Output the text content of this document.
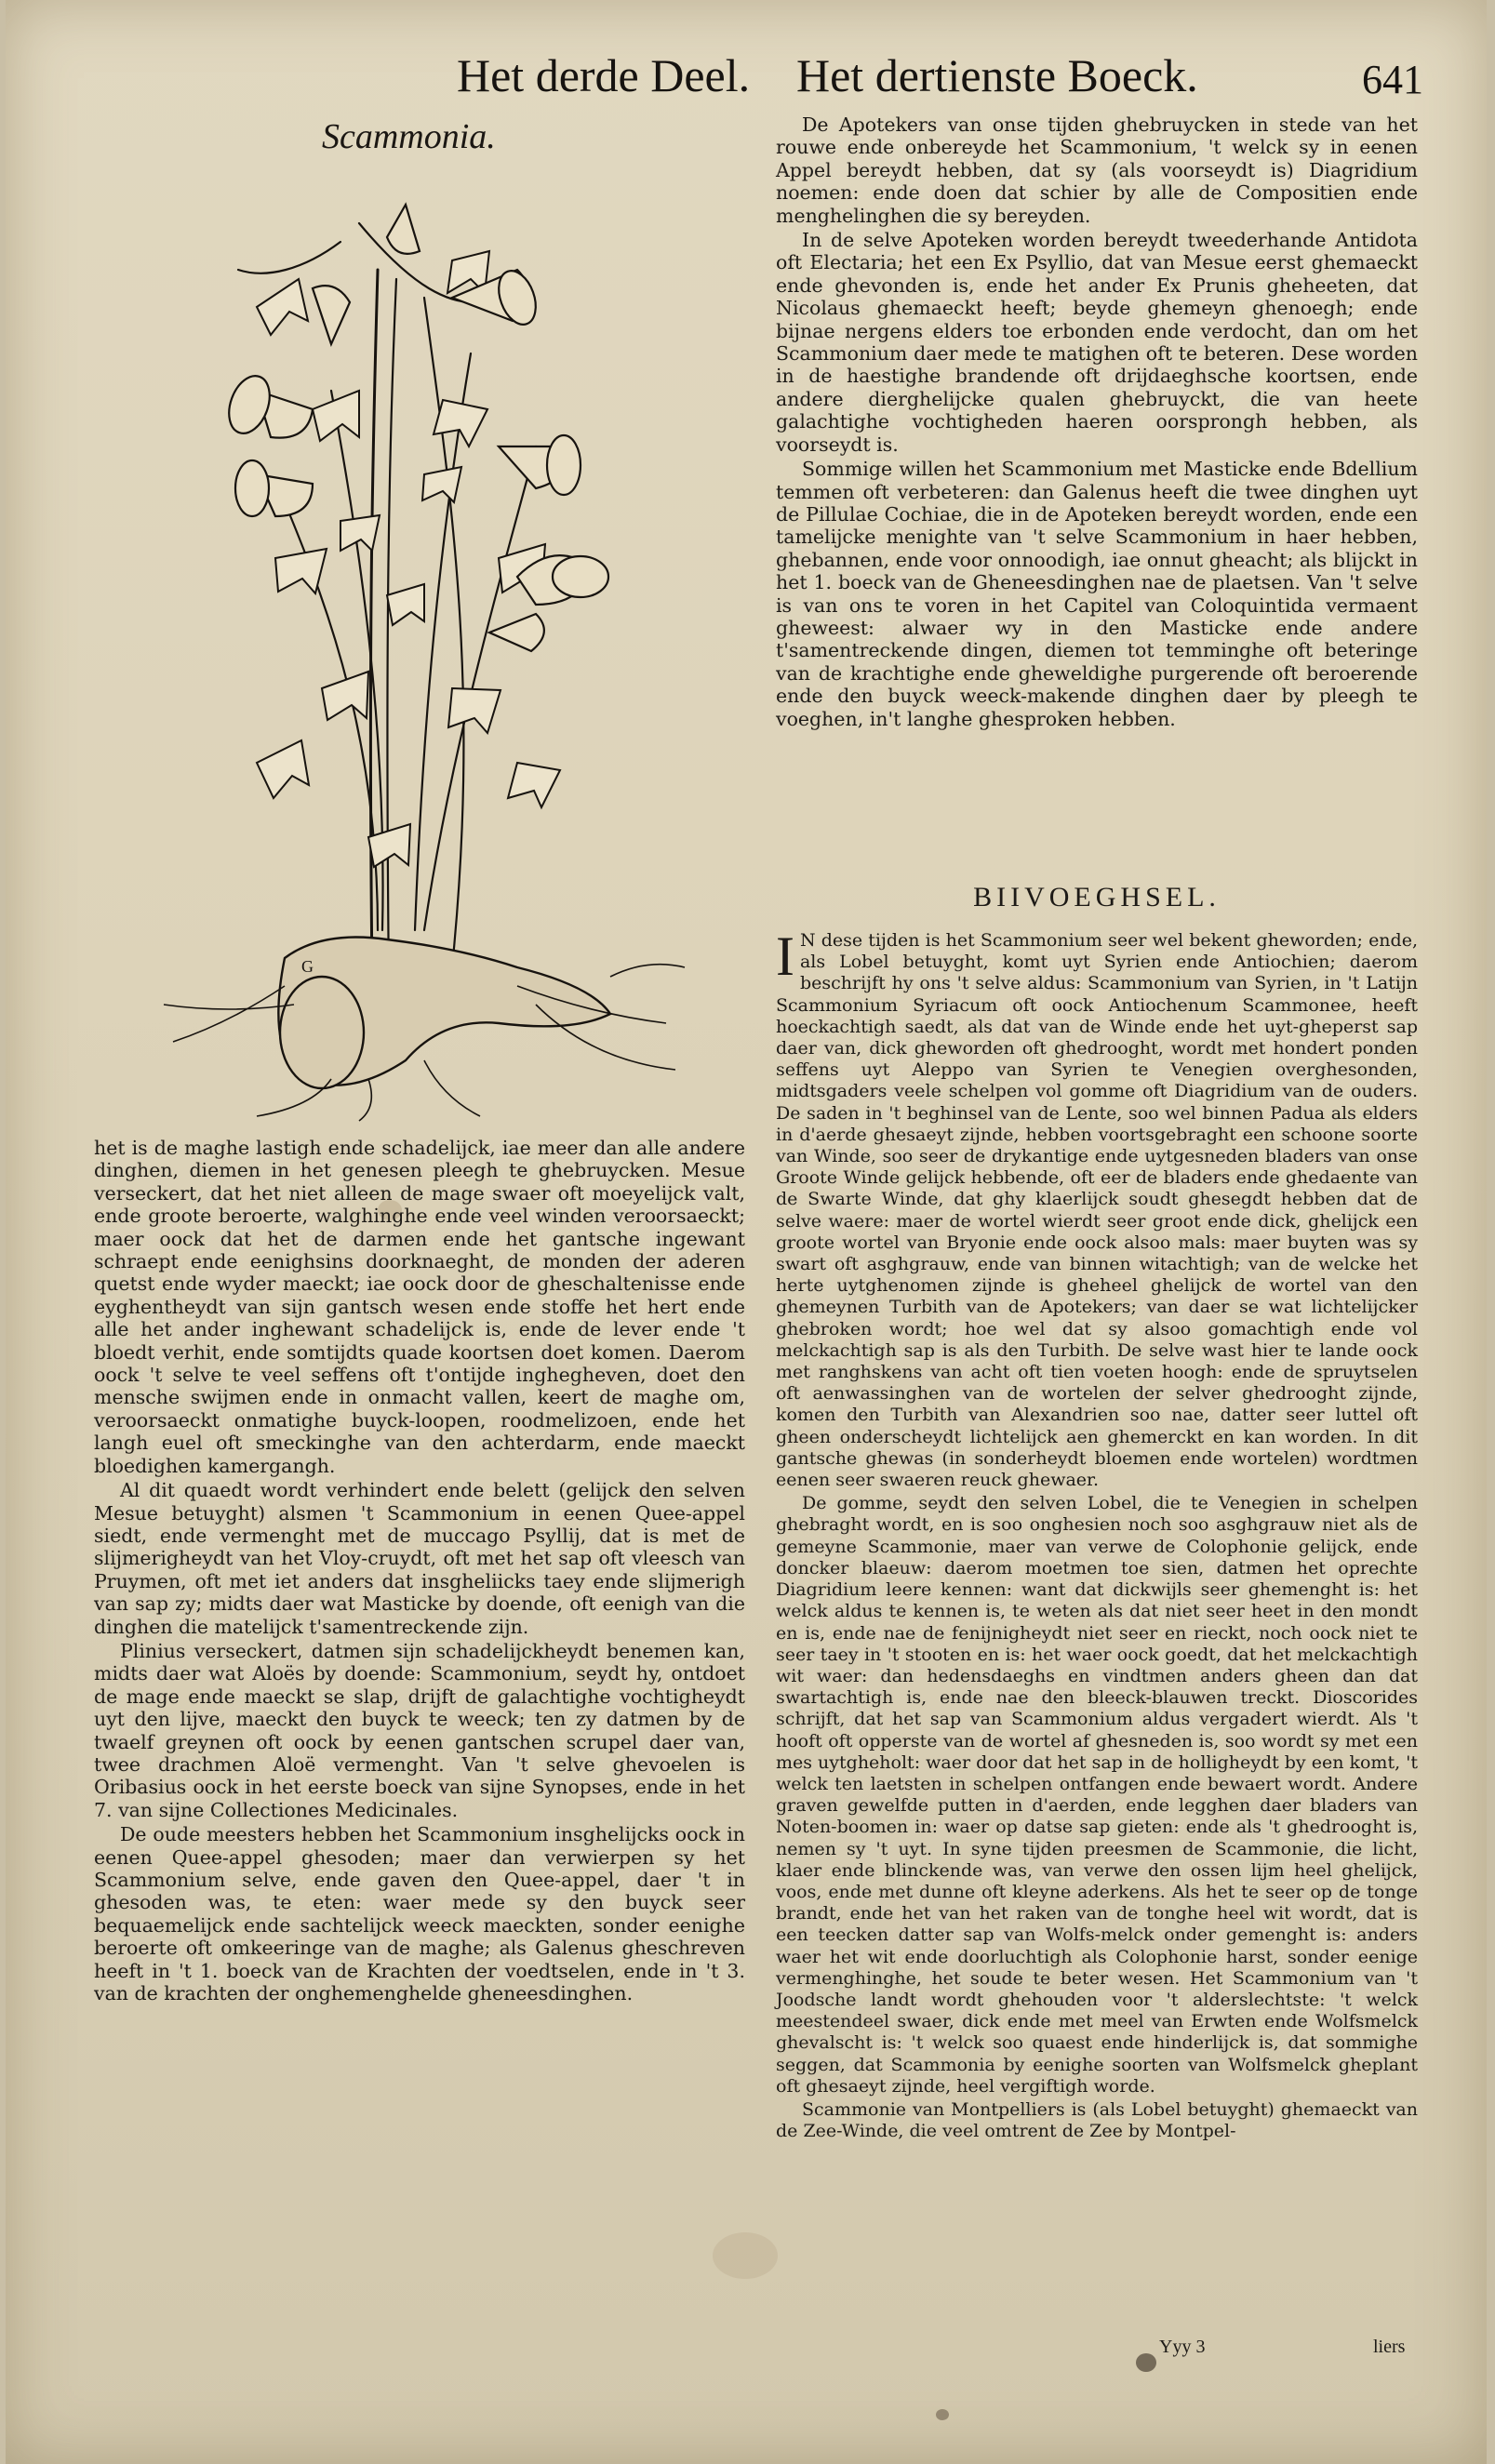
Het derde Deel. Het dertienste Boeck.	641
Scammonia.
G

het is de maghe lastigh ende schadelijck, iae meer dan alle andere dinghen, diemen in het genesen pleegh te ghebruycken. Mesue verseckert, dat het niet alleen de mage swaer oft moeyelijck valt, ende groote beroerte, walghinghe ende veel winden veroorsaeckt; maer oock dat het de darmen ende het gantsche ingewant schraept ende eenighsins doorknaeght, de monden der aderen quetst ende wyder maeckt; iae oock door de gheschaltenisse ende eyghentheydt van sijn gantsch wesen ende stoffe het hert ende alle het ander inghewant schadelijck is, ende de lever ende 't bloedt verhit, ende somtijdts quade koortsen doet komen. Daerom oock 't selve te veel seffens oft t'ontijde inghegheven, doet den mensche swijmen ende in onmacht vallen, keert de maghe om, veroorsaeckt onmatighe buyck-loopen, roodmelizoen, ende het langh euel oft smeckinghe van den achterdarm, ende maeckt bloedighen kamergangh.

Al dit quaedt wordt verhindert ende belett (gelijck den selven Mesue betuyght) alsmen 't Scammonium in eenen Quee-appel siedt, ende vermenght met de muccago Psyllij, dat is met de slijmerigheydt van het Vloy-cruydt, oft met het sap oft vleesch van Pruymen, oft met iet anders dat insgheliicks taey ende slijmerigh van sap zy; midts daer wat Masticke by doende, oft eenigh van die dinghen die matelijck t'samentreckende zijn.

Plinius verseckert, datmen sijn schadelijckheydt benemen kan, midts daer wat Aloës by doende: Scammonium, seydt hy, ontdoet de mage ende maeckt se slap, drijft de galachtighe vochtigheydt uyt den lijve, maeckt den buyck te weeck; ten zy datmen by de twaelf greynen oft oock by eenen gantschen scrupel daer van, twee drachmen Aloë vermenght. Van 't selve ghevoelen is Oribasius oock in het eerste boeck van sijne Synopses, ende in het 7. van sijne Collectiones Medicinales.

De oude meesters hebben het Scammonium insghelijcks oock in eenen Quee-appel ghesoden; maer dan verwierpen sy het Scammonium selve, ende gaven den Quee-appel, daer 't in ghesoden was, te eten: waer mede sy den buyck seer bequaemelijck ende sachtelijck weeck maeckten, sonder eenighe beroerte oft omkeeringe van de maghe; als Galenus gheschreven heeft in 't 1. boeck van de Krachten der voedtselen, ende in 't 3. van de krachten der onghemenghelde gheneesdinghen.

De Apotekers van onse tijden ghebruycken in stede van het rouwe ende onbereyde het Scammonium, 't welck sy in eenen Appel bereydt hebben, dat sy (als voorseydt is) Diagridium noemen: ende doen dat schier by alle de Compositien ende menghelinghen die sy bereyden.

In de selve Apoteken worden bereydt tweederhande Antidota oft Electaria; het een Ex Psyllio, dat van Mesue eerst ghemaeckt ende ghevonden is, ende het ander Ex Prunis gheheeten, dat Nicolaus ghemaeckt heeft; beyde ghemeyn ghenoegh; ende bijnae nergens elders toe erbonden ende verdocht, dan om het Scammonium daer mede te matighen oft te beteren. Dese worden in de haestighe brandende oft drijdaeghsche koortsen, ende andere dierghelijcke qualen ghebruyckt, die van heete galachtighe vochtigheden haeren oorsprongh hebben, als voorseydt is.

Sommige willen het Scammonium met Masticke ende Bdellium temmen oft verbeteren: dan Galenus heeft die twee dinghen uyt de Pillulae Cochiae, die in de Apoteken bereydt worden, ende een tamelijcke menighte van 't selve Scammonium in haer hebben, ghebannen, ende voor onnoodigh, iae onnut gheacht; als blijckt in het 1. boeck van de Gheneesdinghen nae de plaetsen. Van 't selve is van ons te voren in het Capitel van Coloquintida vermaent gheweest: alwaer wy in den Masticke ende andere t'samentreckende dingen, diemen tot temminghe oft beteringe van de krachtighe ende gheweldighe purgerende oft beroerende ende den buyck weeck-makende dinghen daer by pleegh te voeghen, in't langhe ghesproken hebben.

BIIVOEGHSEL.
I N dese tijden is het Scammonium seer wel bekent gheworden; ende, als Lobel betuyght, komt uyt Syrien ende Antiochien; daerom beschrijft hy ons 't selve aldus: Scammonium van Syrien, in 't Latijn Scammonium Syriacum oft oock Antiochenum Scammonee, heeft hoeckachtigh saedt, als dat van de Winde ende het uyt-gheperst sap daer van, dick gheworden oft ghedrooght, wordt met hondert ponden seffens uyt Aleppo van Syrien te Venegien overghesonden, midtsgaders veele schelpen vol gomme oft Diagridium van de ouders. De saden in 't beghinsel van de Lente, soo wel binnen Padua als elders in d'aerde ghesaeyt zijnde, hebben voortsgebraght een schoone soorte van Winde, soo seer de drykantige ende uytgesneden bladers van onse Groote Winde gelijck hebbende, oft eer de bladers ende ghedaente van de Swarte Winde, dat ghy klaerlijck soudt ghesegdt hebben dat de selve waere: maer de wortel wierdt seer groot ende dick, ghelijck een groote wortel van Bryonie ende oock alsoo mals: maer buyten was sy swart oft asghgrauw, ende van binnen witachtigh; van de welcke het herte uytghenomen zijnde is gheheel ghelijck de wortel van den ghemeynen Turbith van de Apotekers; van daer se wat lichtelijcker ghebroken wordt; hoe wel dat sy alsoo gomachtigh ende vol melckachtigh sap is als den Turbith. De selve wast hier te lande oock met ranghskens van acht oft tien voeten hoogh: ende de spruytselen oft aenwassinghen van de wortelen der selver ghedrooght zijnde, komen den Turbith van Alexandrien soo nae, datter seer luttel oft gheen onderscheydt lichtelijck aen ghemerckt en kan worden. In dit gantsche ghewas (in sonderheydt bloemen ende wortelen) wordtmen eenen seer swaeren reuck ghewaer.

De gomme, seydt den selven Lobel, die te Venegien in schelpen ghebraght wordt, en is soo onghesien noch soo asghgrauw niet als de gemeyne Scammonie, maer van verwe de Colophonie gelijck, ende doncker blaeuw: daerom moetmen toe sien, datmen het oprechte Diagridium leere kennen: want dat dickwijls seer ghemenght is: het welck aldus te kennen is, te weten als dat niet seer heet in den mondt en is, ende nae de fenijnigheydt niet seer en rieckt, noch oock niet te seer taey in 't stooten en is: het waer oock goedt, dat het melckachtigh wit waer: dan hedensdaeghs en vindtmen anders gheen dan dat swartachtigh is, ende nae den bleeck-blauwen treckt. Dioscorides schrijft, dat het sap van Scammonium aldus vergadert wierdt. Als 't hooft oft opperste van de wortel af ghesneden is, soo wordt sy met een mes uytgheholt: waer door dat het sap in de holligheydt by een komt, 't welck ten laetsten in schelpen ontfangen ende bewaert wordt. Andere graven gewelfde putten in d'aerden, ende legghen daer bladers van Noten-boomen in: waer op datse sap gieten: ende als 't ghedrooght is, nemen sy 't uyt. In syne tijden preesmen de Scammonie, die licht, klaer ende blinckende was, van verwe den ossen lijm heel ghelijck, voos, ende met dunne oft kleyne aderkens. Als het te seer op de tonge brandt, ende het van het raken van de tonghe heel wit wordt, dat is een teecken datter sap van Wolfs-melck onder gemenght is: anders waer het wit ende doorluchtigh als Colophonie harst, sonder eenige vermenghinghe, het soude te beter wesen. Het Scammonium van 't Joodsche landt wordt ghehouden voor 't alderslechtste: 't welck meestendeel swaer, dick ende met meel van Erwten ende Wolfsmelck ghevalscht is: 't welck soo quaest ende hinderlijck is, dat sommighe seggen, dat Scammonia by eenighe soorten van Wolfsmelck gheplant oft ghesaeyt zijnde, heel vergiftigh worde.

Scammonie van Montpelliers is (als Lobel betuyght) ghemaeckt van de Zee-Winde, die veel omtrent de Zee by Montpel-

Yyy 3	liers
